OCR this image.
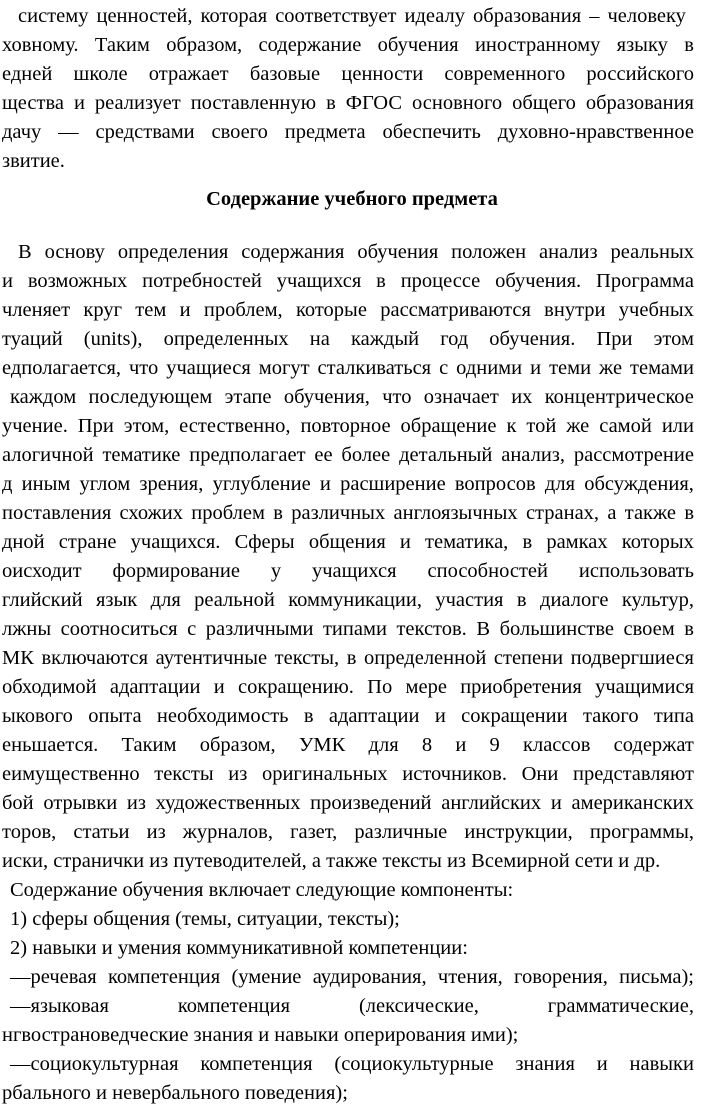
систему ценностей, которая соответствует идеалу образования – человеку
ховному. Таким образом, содержание обучения иностранному языку в
едней школе отражает базовые ценности современного российского
щества и реализует поставленную в ФГОС основного общего образования
дачу — средствами своего предмета обеспечить духовно-нравственное
звитие.
Содержание учебного предмета
В основу определения содержания обучения положен анализ реальных
и возможных потребностей учащихся в процессе обучения. Программа
члeняет круг тем и проблем, которые рассматриваются внутри учебных
туаций (units), определенных на каждый год обучения. При этом
едполагается, что учащиеся могут сталкиваться с одними и теми же темами
каждом последующем этапе обучения, что означает их концентрическое
учение. При этом, естественно, повторное обращение к той же самой или
алогичной тематике предполагает ее более детальный анализ, рассмотрение
д иным углом зрения, углубление и расширение вопросов для обсуждения,
поставления схожих проблем в различных англоязычных странах, а также в
дной стране учащихся. Сферы общения и тематика, в рамках которых
оисходит формирование у учащихся способностей использовать
глийский язык для реальной коммуникации, участия в диалоге культур,
лжны соотноситься с различными типами текстов. В большинстве своем в
МК включаются аутентичные тексты, в определенной степени подвергшиеся
обходимой адаптации и сокращению. По мере приобретения учащимися
ыкового опыта необходимость в адаптации и сокращении такого типа
еньшается. Таким образом, УМК для 8 и 9 классов содержат
еимущественно тексты из оригинальных источников. Они представляют
бой отрывки из художественных произведений английских и американских
торов, статьи из журналов, газет, различные инструкции, программы,
иски, странички из путеводителей, а также тексты из Всемирной сети и др.
Содержание обучения включает следующие компоненты:
1) сферы общения (темы, ситуации, тексты);
2) навыки и умения коммуникативной компетенции:
—речевая компетенция (умение аудирования, чтения, говорения, письма);
—языковая	компетенция	(лексические,	грамматические,
нгвострановедческие знания и навыки оперирования ими);
—социокультурная компетенция (социокультурные знания и навыки
рбального и невербального поведения);
